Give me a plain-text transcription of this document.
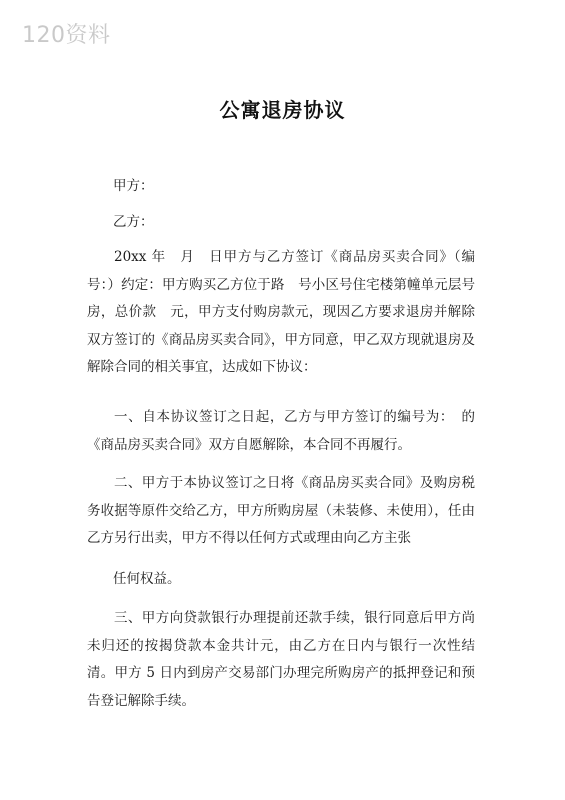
120资料
公寓退房协议
甲方：
乙方：

20xx 年　月　日甲方与乙方签订《商品房买卖合同》（编号：）约定：甲方购买乙方位于路　号小区号住宅楼第幢单元层号房，总价款　元，甲方支付购房款元，现因乙方要求退房并解除双方签订的《商品房买卖合同》，甲方同意，甲乙双方现就退房及解除合同的相关事宜，达成如下协议：

一、自本协议签订之日起，乙方与甲方签订的编号为：　的《商品房买卖合同》双方自愿解除，本合同不再履行。

二、甲方于本协议签订之日将《商品房买卖合同》及购房税务收据等原件交给乙方，甲方所购房屋（未装修、未使用），任由乙方另行出卖，甲方不得以任何方式或理由向乙方主张

任何权益。

三、甲方向贷款银行办理提前还款手续，银行同意后甲方尚未归还的按揭贷款本金共计元，由乙方在日内与银行一次性结清。甲方 5 日内到房产交易部门办理完所购房产的抵押登记和预告登记解除手续。
